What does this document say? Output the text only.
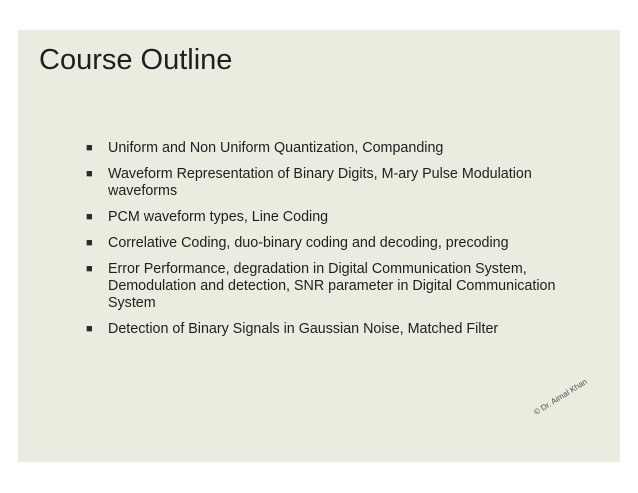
Course Outline
■ Uniform and Non Uniform Quantization, Companding
■ Waveform Representation of Binary Digits, M-ary Pulse Modulation waveforms
■ PCM waveform types, Line Coding
■ Correlative Coding, duo-binary coding and decoding, precoding
■ Error Performance, degradation in Digital Communication System, Demodulation and detection, SNR parameter in Digital Communication System
■ Detection of Binary Signals in Gaussian Noise, Matched Filter
© Dr. Aimal Khan
